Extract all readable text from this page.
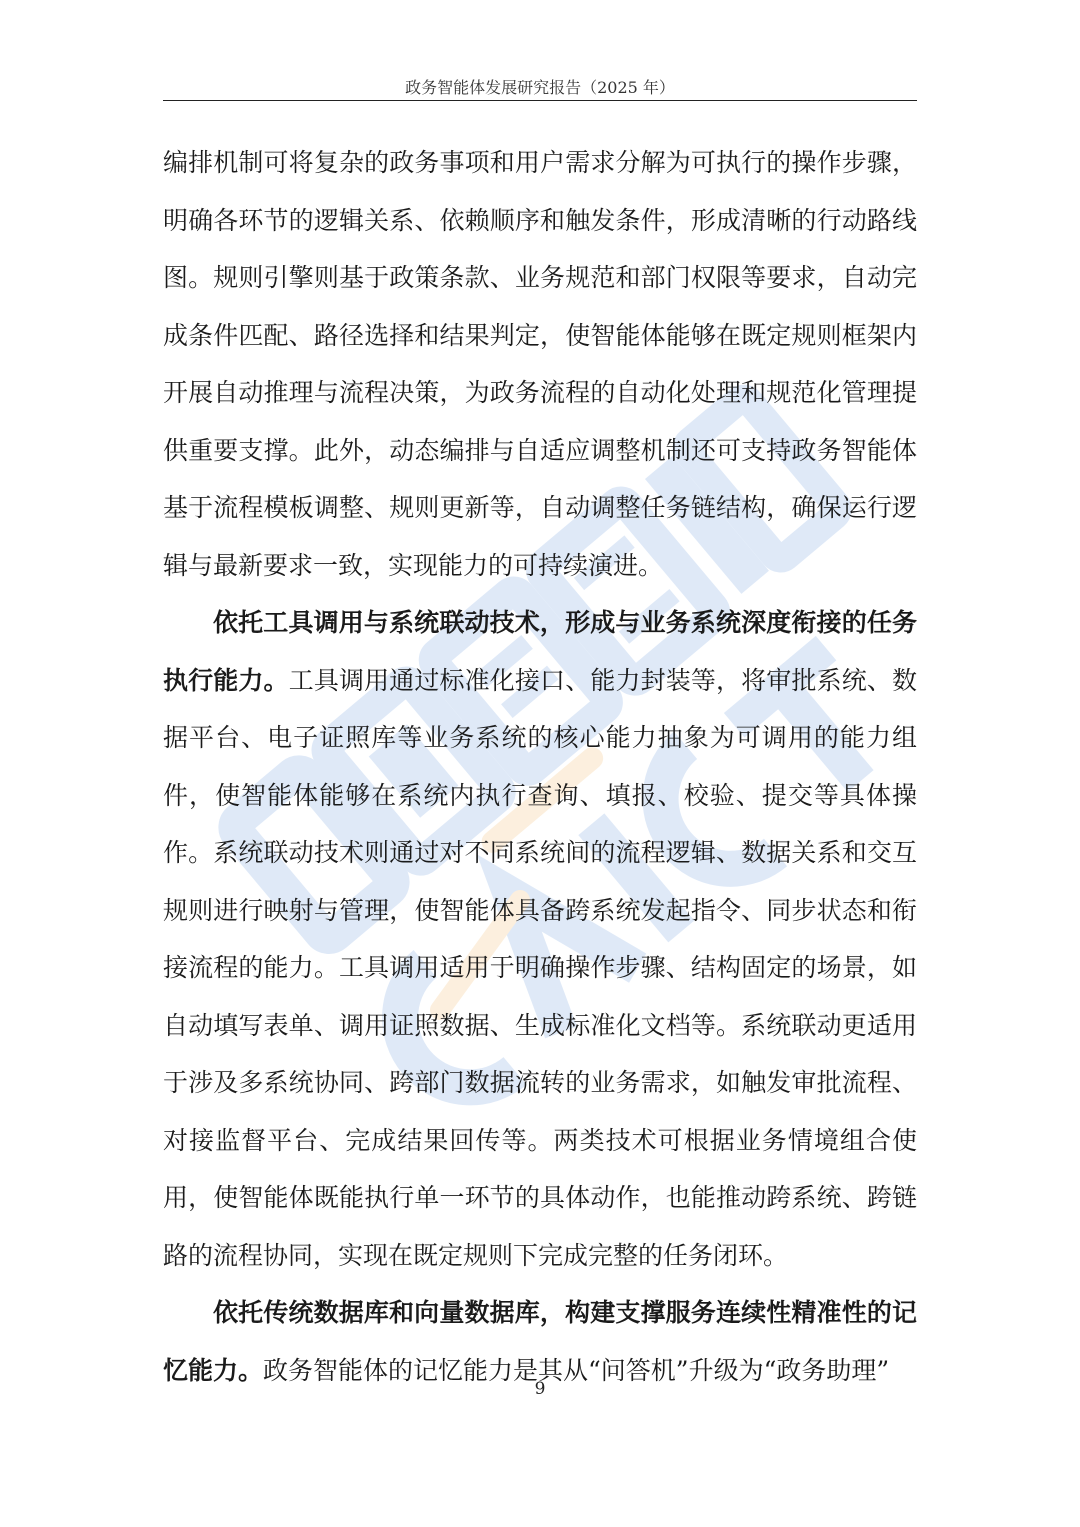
政务智能体发展研究报告（2025 年）

编排机制可将复杂的政务事项和用户需求分解为可执行的操作步骤，明确各环节的逻辑关系、依赖顺序和触发条件，形成清晰的行动路线图。规则引擎则基于政策条款、业务规范和部门权限等要求，自动完成条件匹配、路径选择和结果判定，使智能体能够在既定规则框架内开展自动推理与流程决策，为政务流程的自动化处理和规范化管理提供重要支撑。此外，动态编排与自适应调整机制还可支持政务智能体基于流程模板调整、规则更新等，自动调整任务链结构，确保运行逻辑与最新要求一致，实现能力的可持续演进。

依托工具调用与系统联动技术，形成与业务系统深度衔接的任务执行能力。工具调用通过标准化接口、能力封装等，将审批系统、数据平台、电子证照库等业务系统的核心能力抽象为可调用的能力组件，使智能体能够在系统内执行查询、填报、校验、提交等具体操作。系统联动技术则通过对不同系统间的流程逻辑、数据关系和交互规则进行映射与管理，使智能体具备跨系统发起指令、同步状态和衔接流程的能力。工具调用适用于明确操作步骤、结构固定的场景，如自动填写表单、调用证照数据、生成标准化文档等。系统联动更适用于涉及多系统协同、跨部门数据流转的业务需求，如触发审批流程、对接监督平台、完成结果回传等。两类技术可根据业务情境组合使用，使智能体既能执行单一环节的具体动作，也能推动跨系统、跨链路的流程协同，实现在既定规则下完成完整的任务闭环。

依托传统数据库和向量数据库，构建支撑服务连续性精准性的记忆能力。政务智能体的记忆能力是其从“问答机”升级为“政务助理”

9
